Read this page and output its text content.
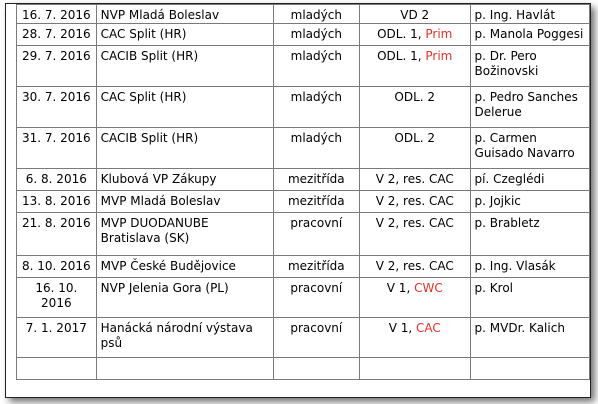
16. 7. 2016	NVP Mladá Boleslav	mladých	VD 2	p. Ing. Havlát
28. 7. 2016	CAC Split (HR)	mladých	ODL. 1, Prim	p. Manola Poggesi
29. 7. 2016	CACIB Split (HR)	mladých	ODL. 1, Prim	p. Dr. Pero Božinovski
30. 7. 2016	CAC Split (HR)	mladých	ODL. 2	p. Pedro Sanches Delerue
31. 7. 2016	CACIB Split (HR)	mladých	ODL. 2	p. Carmen Guisado Navarro
6. 8. 2016	Klubová VP Zákupy	mezitřída	V 2, res. CAC	pí. Czeglédi
13. 8. 2016	MVP Mladá Boleslav	mezitřída	V 2, res. CAC	p. Jojkic
21. 8. 2016	MVP DUODANUBE Bratislava (SK)	pracovní	V 2, res. CAC	p. Brabletz
8. 10. 2016	MVP České Budějovice	mezitřída	V 2, res. CAC	p. Ing. Vlasák
16. 10. 2016	NVP Jelenia Gora (PL)	pracovní	V 1, CWC	p. Krol
7. 1. 2017	Hanácká národní výstava psů	pracovní	V 1, CAC	p. MVDr. Kalich
